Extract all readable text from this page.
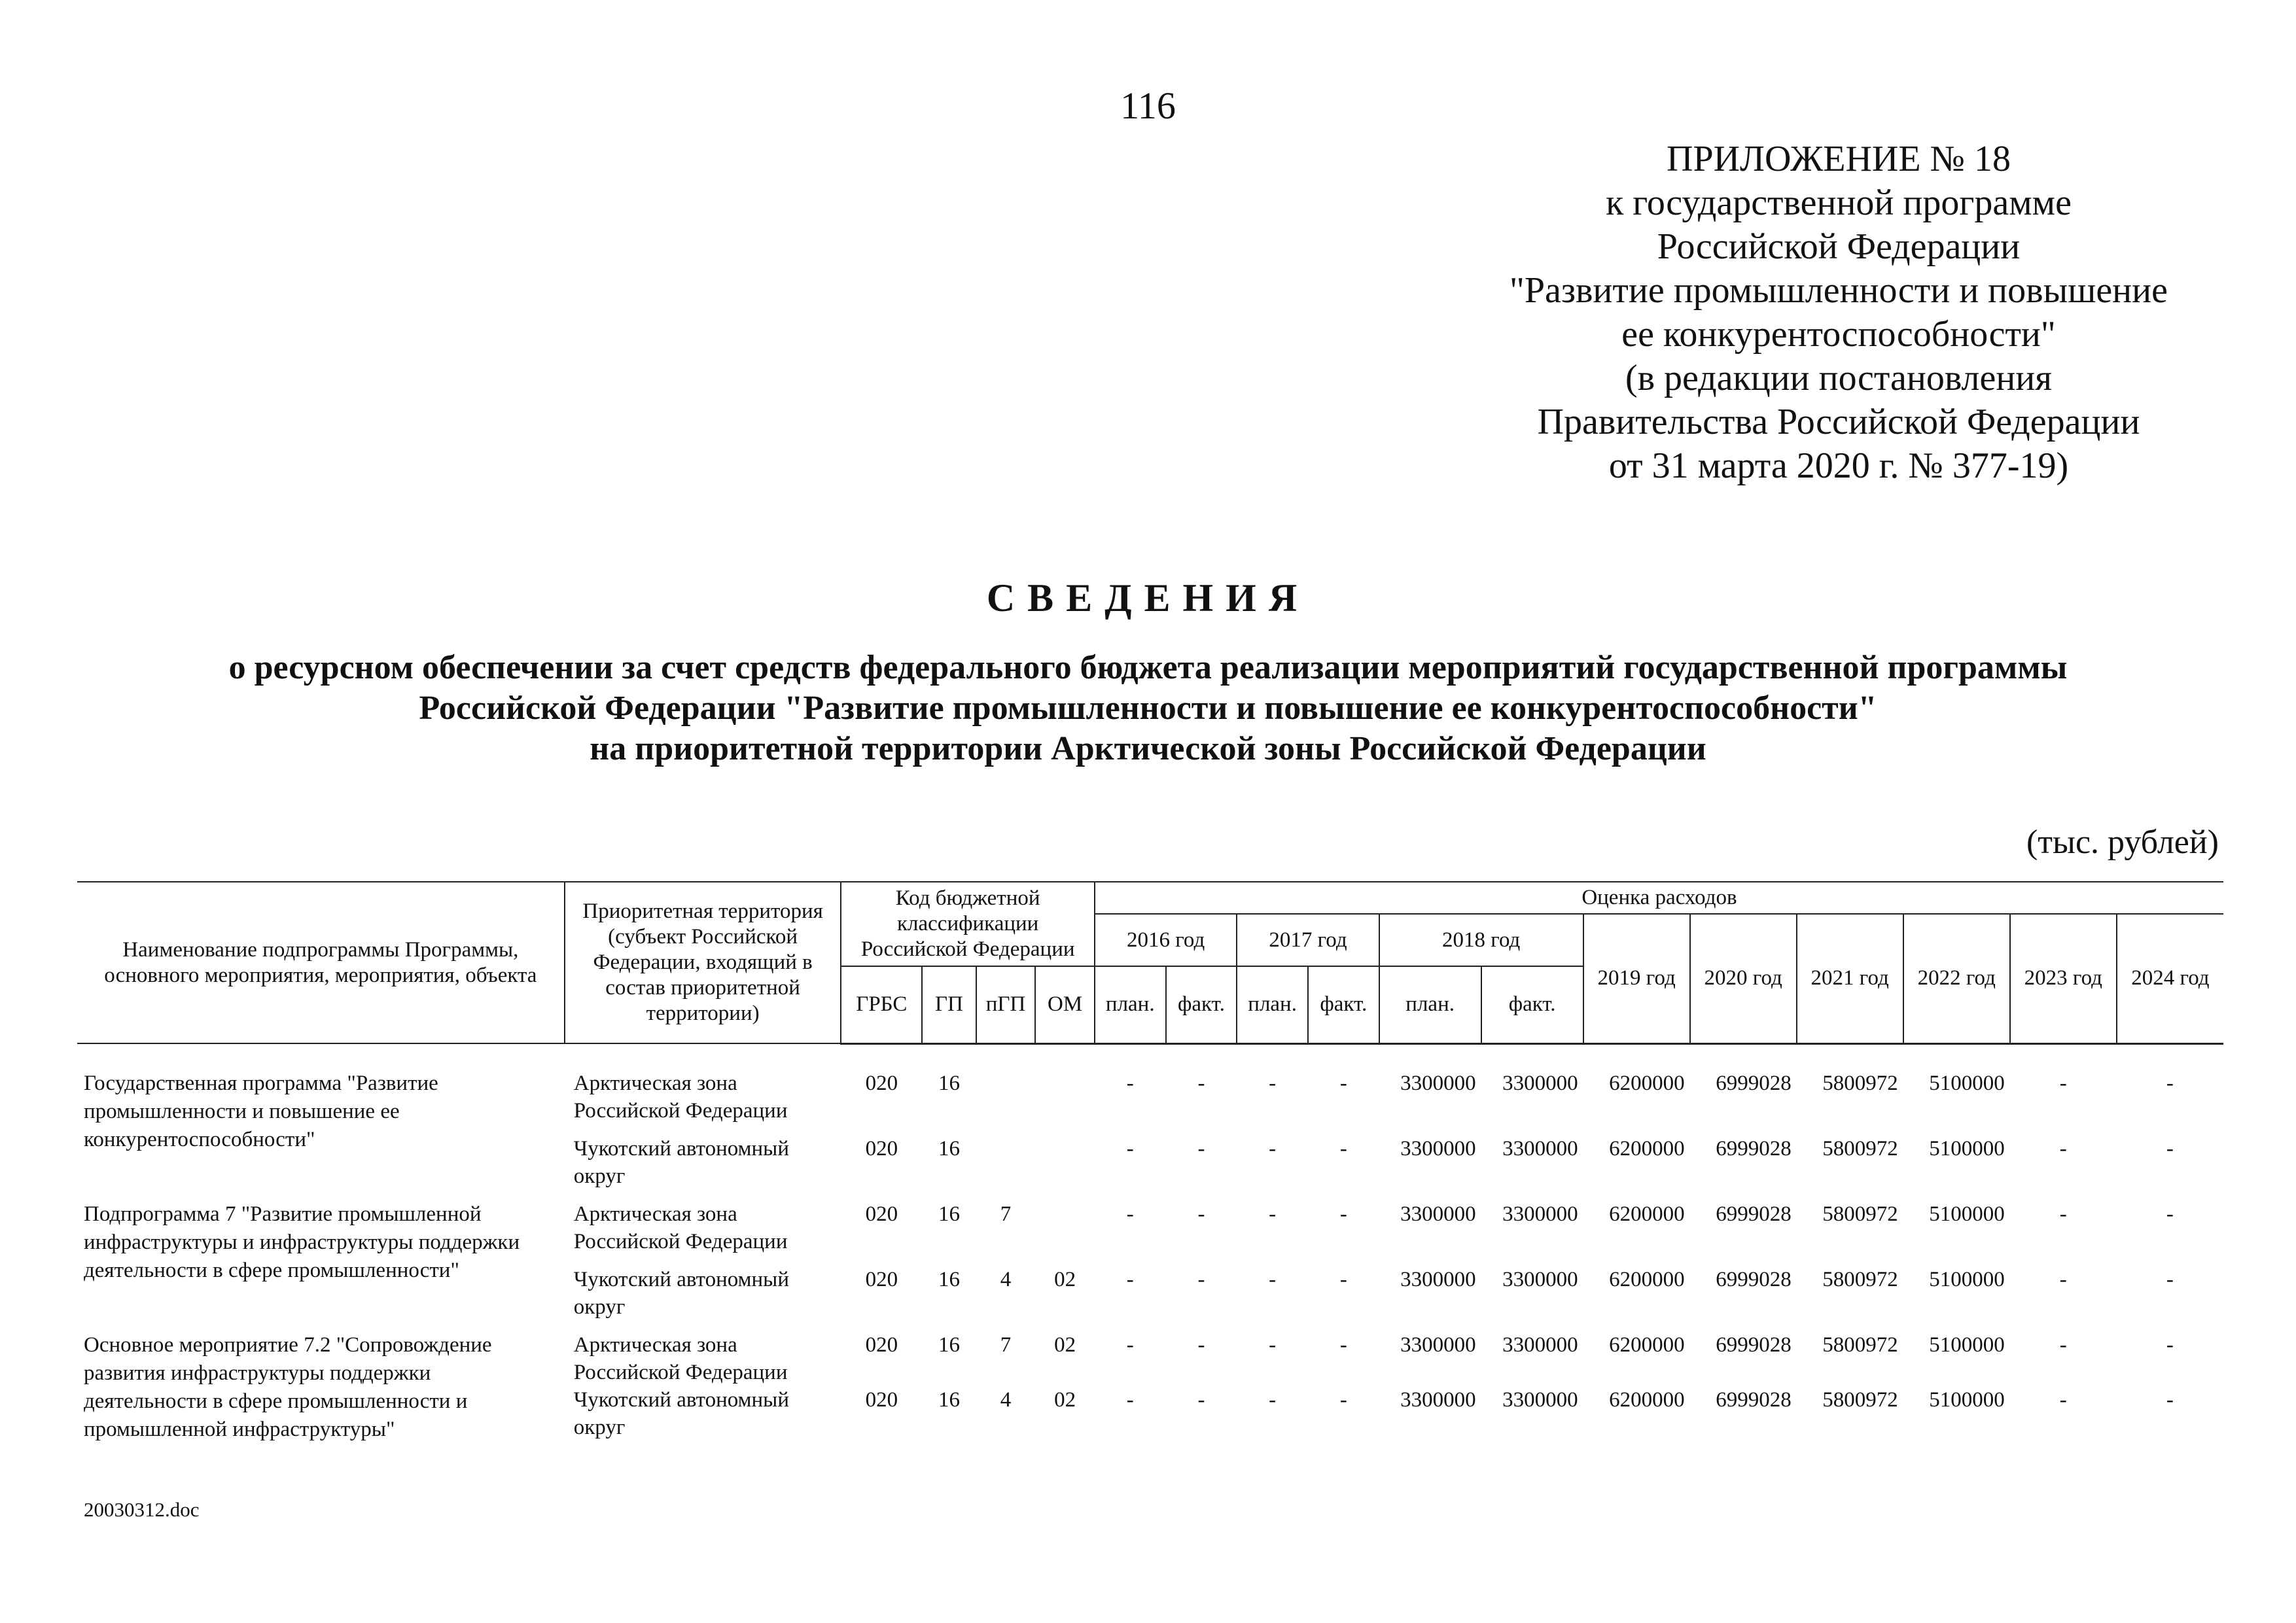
116
ПРИЛОЖЕНИЕ № 18
к государственной программе
Российской Федерации
"Развитие промышленности и повышение
ее конкурентоспособности"
(в редакции постановления
Правительства Российской Федерации
от 31 марта 2020 г. № 377-19)
СВЕДЕНИЯ
о ресурсном обеспечении за счет средств федерального бюджета реализации мероприятий государственной программы
Российской Федерации "Развитие промышленности и повышение ее конкурентоспособности"
на приоритетной территории Арктической зоны Российской Федерации
(тыс. рублей)
Наименование подпрограммы Программы, основного мероприятия, мероприятия, объекта	Приоритетная территория (субъект Российской Федерации, входящий в состав приоритетной территории)	Код бюджетной классификации Российской Федерации				Оценка расходов											
						2016 год		2017 год		2018 год		2019 год	2020 год	2021 год	2022 год	2023 год	2024 год
		ГРБС	ГП	пГП	ОМ	план.	факт.	план.	факт.	план.	факт.						

Государственная программа "Развитие промышленности и повышение ее конкурентоспособности"	Арктическая зона Российской Федерации	020	16			-	-	-	-	3300000	3300000	6200000	6999028	5800972	5100000	-	-

	Чукотский автономный округ	020	16			-	-	-	-	3300000	3300000	6200000	6999028	5800972	5100000	-	-
Подпрограмма 7 "Развитие промышленной инфраструктуры и инфраструктуры поддержки деятельности в сфере промышленности"	Арктическая зона Российской Федерации	020	16	7		-	-	-	-	3300000	3300000	6200000	6999028	5800972	5100000	-	-

	Чукотский автономный округ	020	16	4	02	-	-	-	-	3300000	3300000	6200000	6999028	5800972	5100000	-	-
Основное мероприятие 7.2 "Сопровождение развития инфраструктуры поддержки деятельности в сфере промышленности и промышленной инфраструктуры"	Арктическая зона Российской Федерации	020	16	7	02	-	-	-	-	3300000	3300000	6200000	6999028	5800972	5100000	-	-

	Чукотский автономный округ	020	16	4	02	-	-	-	-	3300000	3300000	6200000	6999028	5800972	5100000	-	-
20030312.doc
